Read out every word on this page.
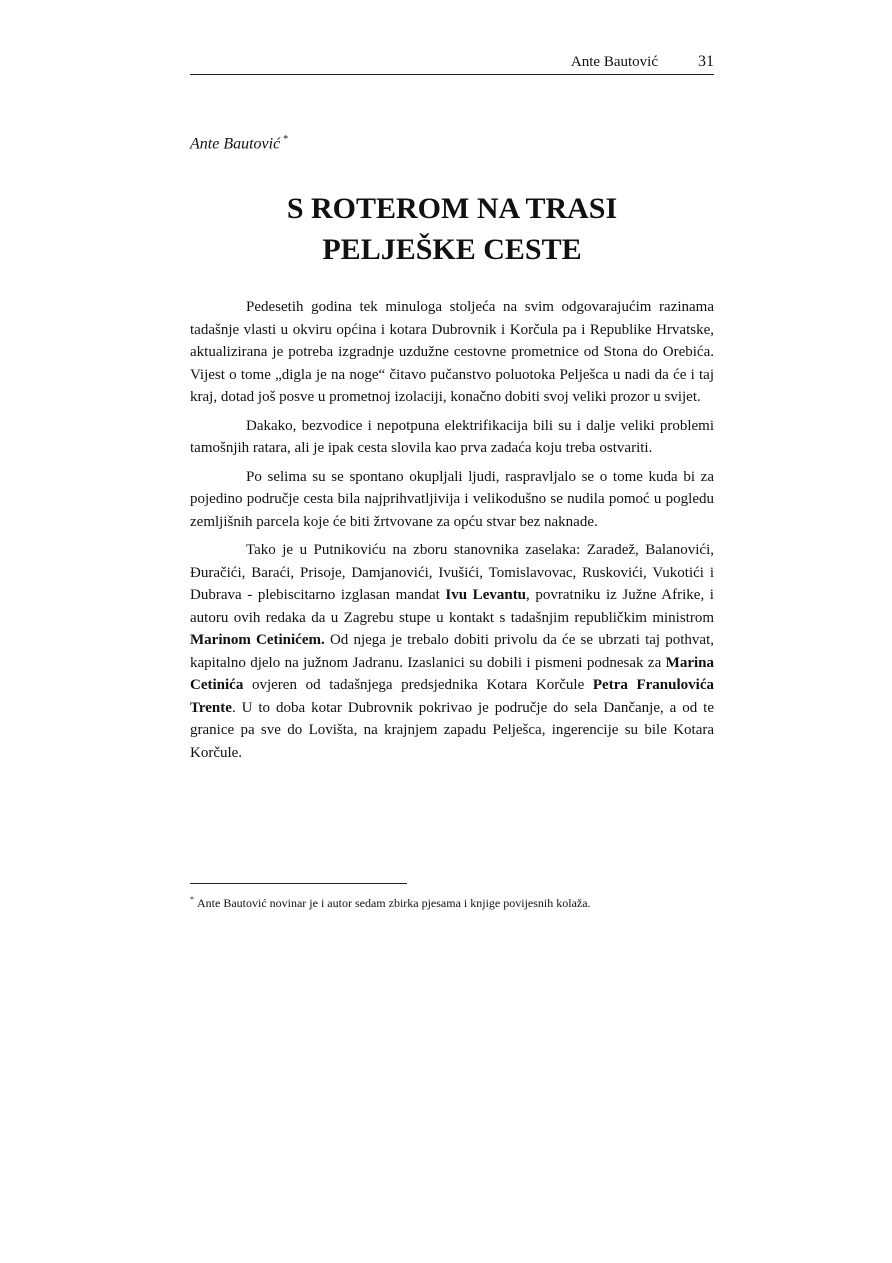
Ante Bautović	31
Ante Bautović *
S ROTEROM NA TRASI
PELJEŠKE CESTE

Pedesetih godina tek minuloga stoljeća na svim odgovarajućim razinama tadašnje vlasti u okviru općina i kotara Dubrovnik i Korčula pa i Republike Hrvatske, aktualizirana je potreba izgradnje uzdužne cestovne prometnice od Stona do Orebića. Vijest o tome „digla je na noge“ čitavo pučanstvo poluotoka Pelješca u nadi da će i taj kraj, dotad još posve u prometnoj izolaciji, konačno dobiti svoj veliki prozor u svijet.

Dakako, bezvodice i nepotpuna elektrifikacija bili su i dalje veliki problemi tamošnjih ratara, ali je ipak cesta slovila kao prva zadaća koju treba ostvariti.

Po selima su se spontano okupljali ljudi, raspravljalo se o tome kuda bi za pojedino područje cesta bila najprihvatljivija i velikodušno se nudila pomoć u pogledu zemljišnih parcela koje će biti žrtvovane za opću stvar bez naknade.

Tako je u Putnikoviću na zboru stanovnika zaselaka: Zaradež, Balanovići, Đuračići, Baraći, Prisoje, Damjanovići, Ivušići, Tomislavovac, Ruskovići, Vukotići i Dubrava - plebiscitarno izglasan mandat Ivu Levantu, povratniku iz Južne Afrike, i autoru ovih redaka da u Zagrebu stupe u kontakt s tadašnjim republičkim ministrom Marinom Cetinićem. Od njega je trebalo dobiti privolu da će se ubrzati taj pothvat, kapitalno djelo na južnom Jadranu. Izaslanici su dobili i pismeni podnesak za Marina Cetinića ovjeren od tadašnjega predsjednika Kotara Korčule Petra Franulovića Trente. U to doba kotar Dubrovnik pokrivao je područje do sela Dančanje, a od te granice pa sve do Lovišta, na krajnjem zapadu Pelješca, ingerencije su bile Kotara Korčule.

* Ante Bautović novinar je i autor sedam zbirka pjesama i knjige povijesnih kolaža.
